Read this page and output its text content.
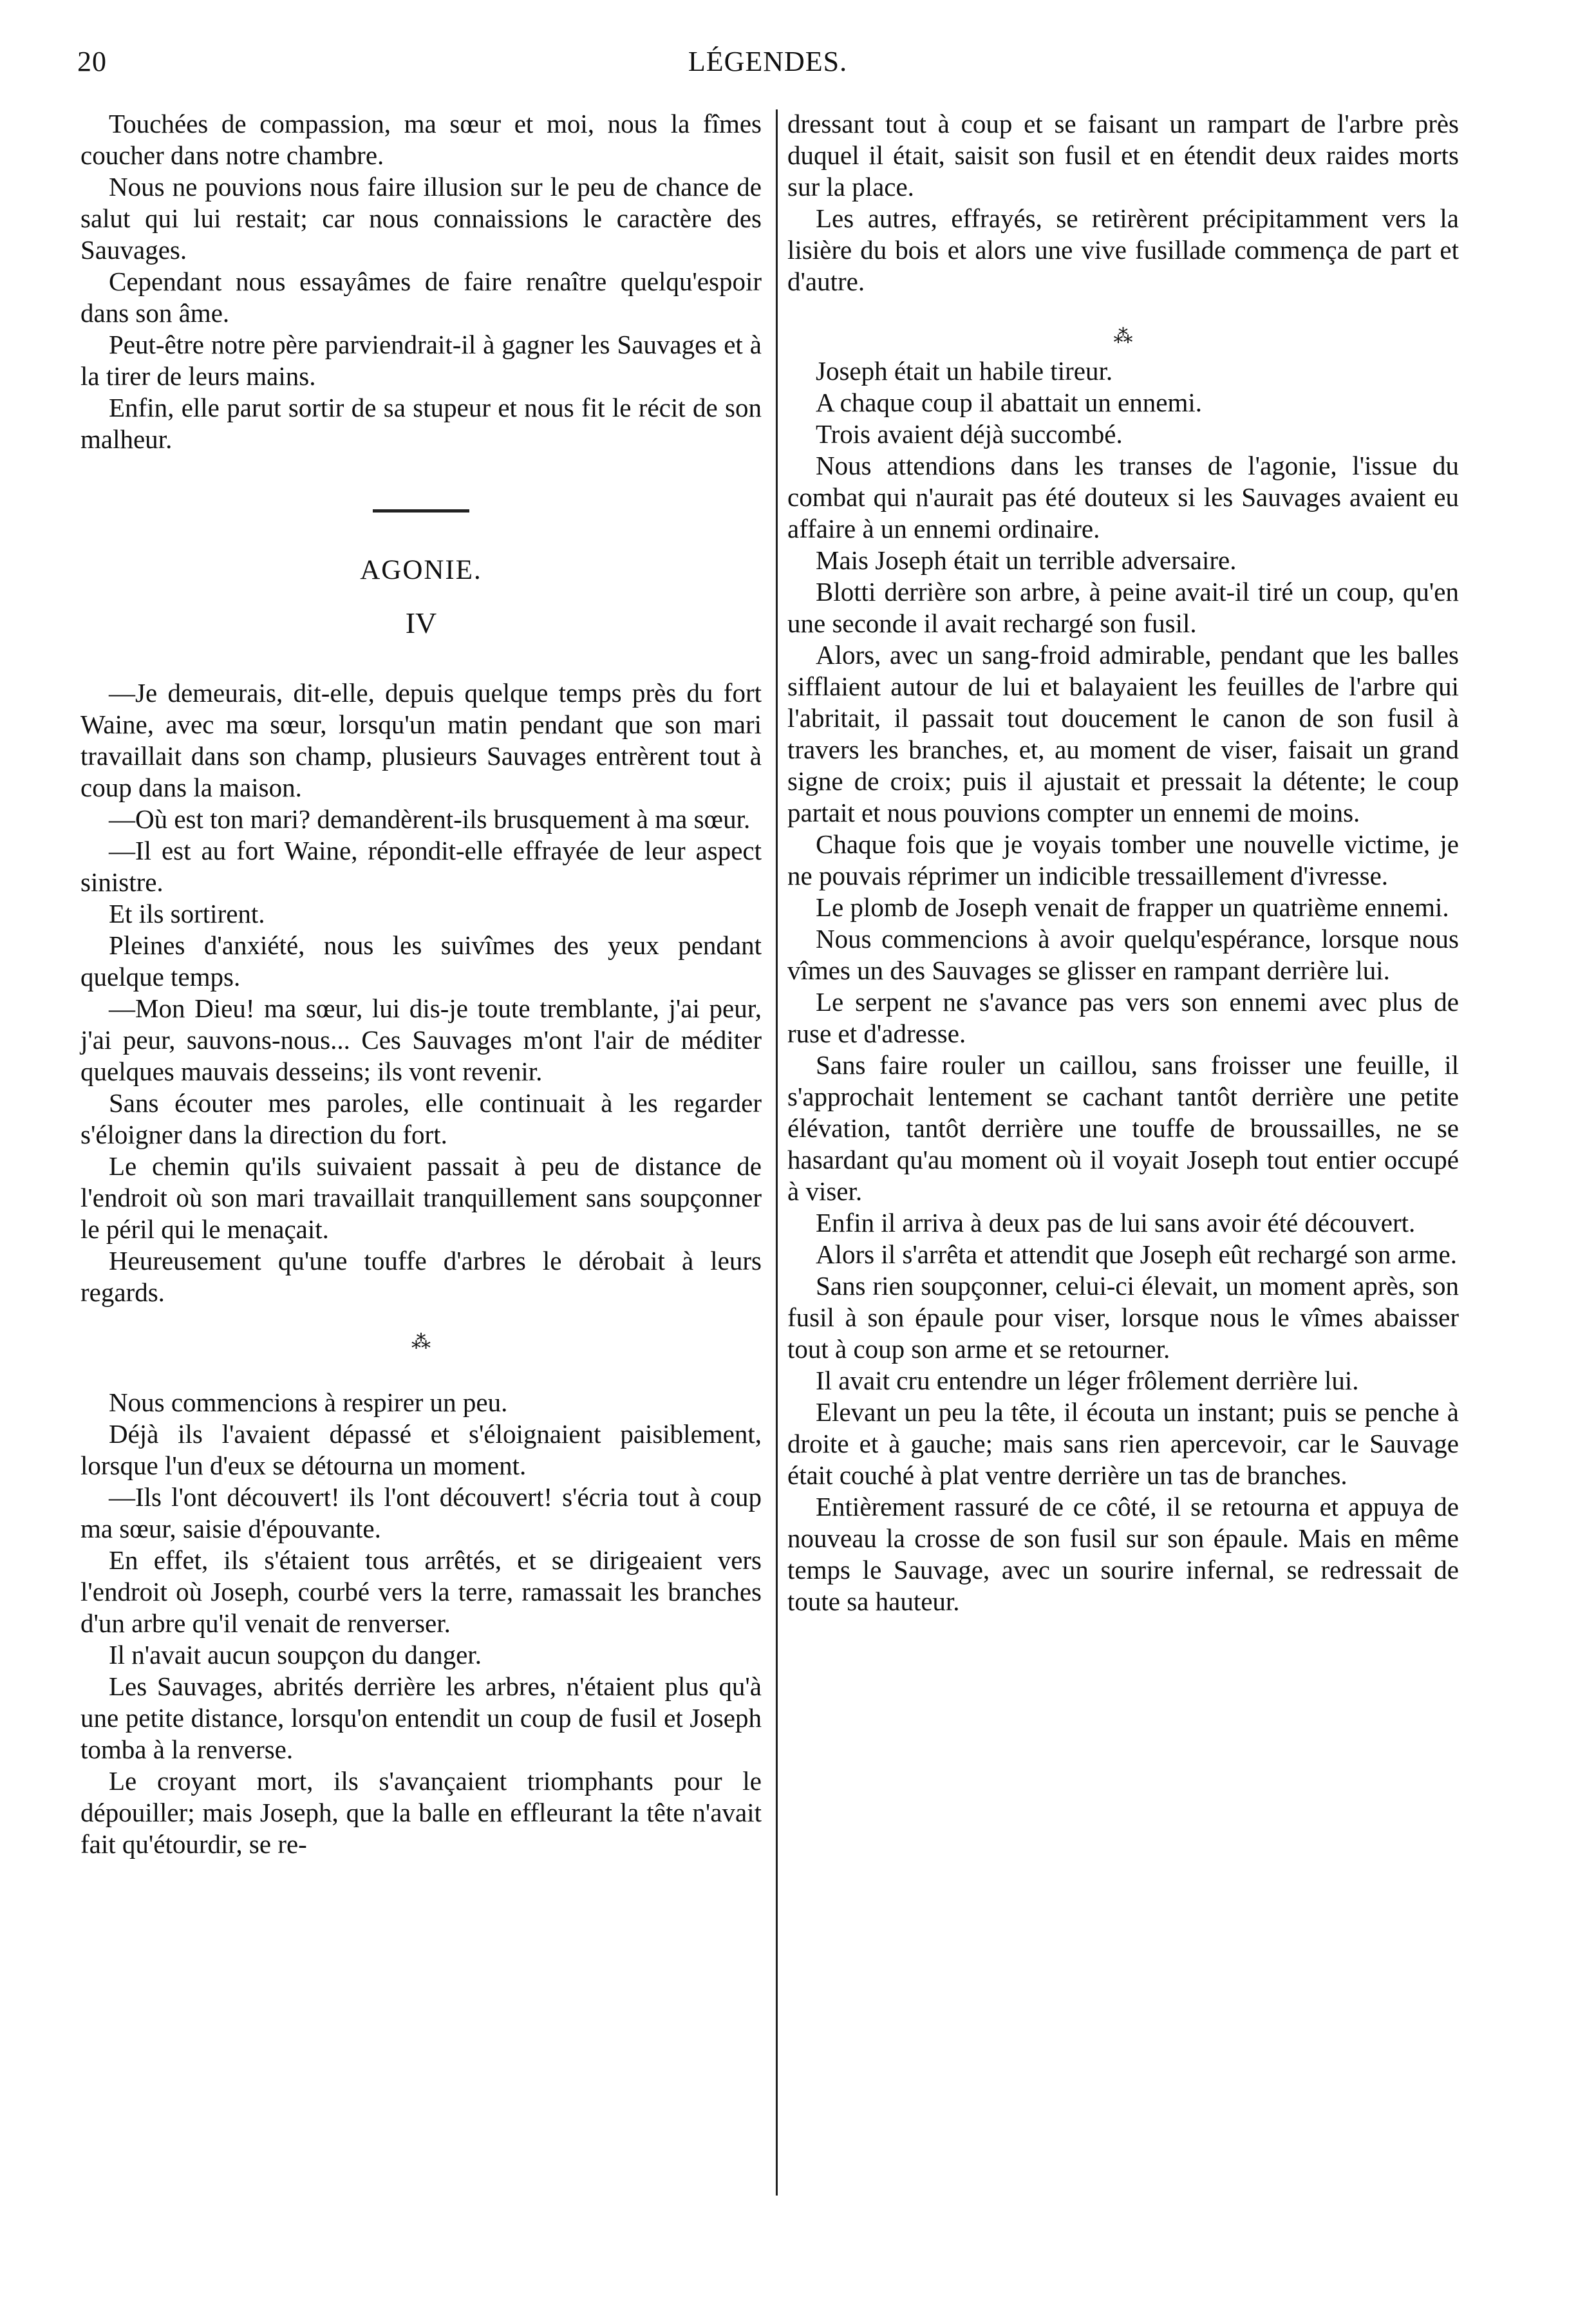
20	LÉGENDES.

Touchées de compassion, ma sœur et moi, nous la fîmes coucher dans notre chambre.

Nous ne pouvions nous faire illusion sur le peu de chance de salut qui lui restait; car nous connaissions le caractère des Sauvages.

Cependant nous essayâmes de faire renaître quelqu'espoir dans son âme.

Peut-être notre père parviendrait-il à gagner les Sauvages et à la tirer de leurs mains.

Enfin, elle parut sortir de sa stupeur et nous fit le récit de son malheur.

AGONIE.
IV

—Je demeurais, dit-elle, depuis quelque temps près du fort Waine, avec ma sœur, lorsqu'un matin pendant que son mari travaillait dans son champ, plusieurs Sauvages entrèrent tout à coup dans la maison.

—Où est ton mari? demandèrent-ils brusquement à ma sœur.

—Il est au fort Waine, répondit-elle effrayée de leur aspect sinistre.

Et ils sortirent.

Pleines d'anxiété, nous les suivîmes des yeux pendant quelque temps.

—Mon Dieu! ma sœur, lui dis-je toute tremblante, j'ai peur, j'ai peur, sauvons-nous... Ces Sauvages m'ont l'air de méditer quelques mauvais desseins; ils vont revenir.

Sans écouter mes paroles, elle continuait à les regarder s'éloigner dans la direction du fort.

Le chemin qu'ils suivaient passait à peu de distance de l'endroit où son mari travaillait tranquillement sans soupçonner le péril qui le menaçait.

Heureusement qu'une touffe d'arbres le dérobait à leurs regards.

⁂

Nous commencions à respirer un peu.

Déjà ils l'avaient dépassé et s'éloignaient paisiblement, lorsque l'un d'eux se détourna un moment.

—Ils l'ont découvert! ils l'ont découvert! s'écria tout à coup ma sœur, saisie d'épouvante.

En effet, ils s'étaient tous arrêtés, et se dirigeaient vers l'endroit où Joseph, courbé vers la terre, ramassait les branches d'un arbre qu'il venait de renverser.

Il n'avait aucun soupçon du danger.

Les Sauvages, abrités derrière les arbres, n'étaient plus qu'à une petite distance, lorsqu'on entendit un coup de fusil et Joseph tomba à la renverse.

Le croyant mort, ils s'avançaient triomphants pour le dépouiller; mais Joseph, que la balle en effleurant la tête n'avait fait qu'étourdir, se re-

dressant tout à coup et se faisant un rampart de l'arbre près duquel il était, saisit son fusil et en étendit deux raides morts sur la place.

Les autres, effrayés, se retirèrent précipitamment vers la lisière du bois et alors une vive fusillade commença de part et d'autre.

⁂

Joseph était un habile tireur.

A chaque coup il abattait un ennemi.

Trois avaient déjà succombé.

Nous attendions dans les transes de l'agonie, l'issue du combat qui n'aurait pas été douteux si les Sauvages avaient eu affaire à un ennemi ordinaire.

Mais Joseph était un terrible adversaire.

Blotti derrière son arbre, à peine avait-il tiré un coup, qu'en une seconde il avait rechargé son fusil.

Alors, avec un sang-froid admirable, pendant que les balles sifflaient autour de lui et balayaient les feuilles de l'arbre qui l'abritait, il passait tout doucement le canon de son fusil à travers les branches, et, au moment de viser, faisait un grand signe de croix; puis il ajustait et pressait la détente; le coup partait et nous pouvions compter un ennemi de moins.

Chaque fois que je voyais tomber une nouvelle victime, je ne pouvais réprimer un indicible tressaillement d'ivresse.

Le plomb de Joseph venait de frapper un quatrième ennemi.

Nous commencions à avoir quelqu'espérance, lorsque nous vîmes un des Sauvages se glisser en rampant derrière lui.

Le serpent ne s'avance pas vers son ennemi avec plus de ruse et d'adresse.

Sans faire rouler un caillou, sans froisser une feuille, il s'approchait lentement se cachant tantôt derrière une petite élévation, tantôt derrière une touffe de broussailles, ne se hasardant qu'au moment où il voyait Joseph tout entier occupé à viser.

Enfin il arriva à deux pas de lui sans avoir été découvert.

Alors il s'arrêta et attendit que Joseph eût rechargé son arme.

Sans rien soupçonner, celui-ci élevait, un moment après, son fusil à son épaule pour viser, lorsque nous le vîmes abaisser tout à coup son arme et se retourner.

Il avait cru entendre un léger frôlement derrière lui.

Elevant un peu la tête, il écouta un instant; puis se penche à droite et à gauche; mais sans rien apercevoir, car le Sauvage était couché à plat ventre derrière un tas de branches.

Entièrement rassuré de ce côté, il se retourna et appuya de nouveau la crosse de son fusil sur son épaule. Mais en même temps le Sauvage, avec un sourire infernal, se redressait de toute sa hauteur.
